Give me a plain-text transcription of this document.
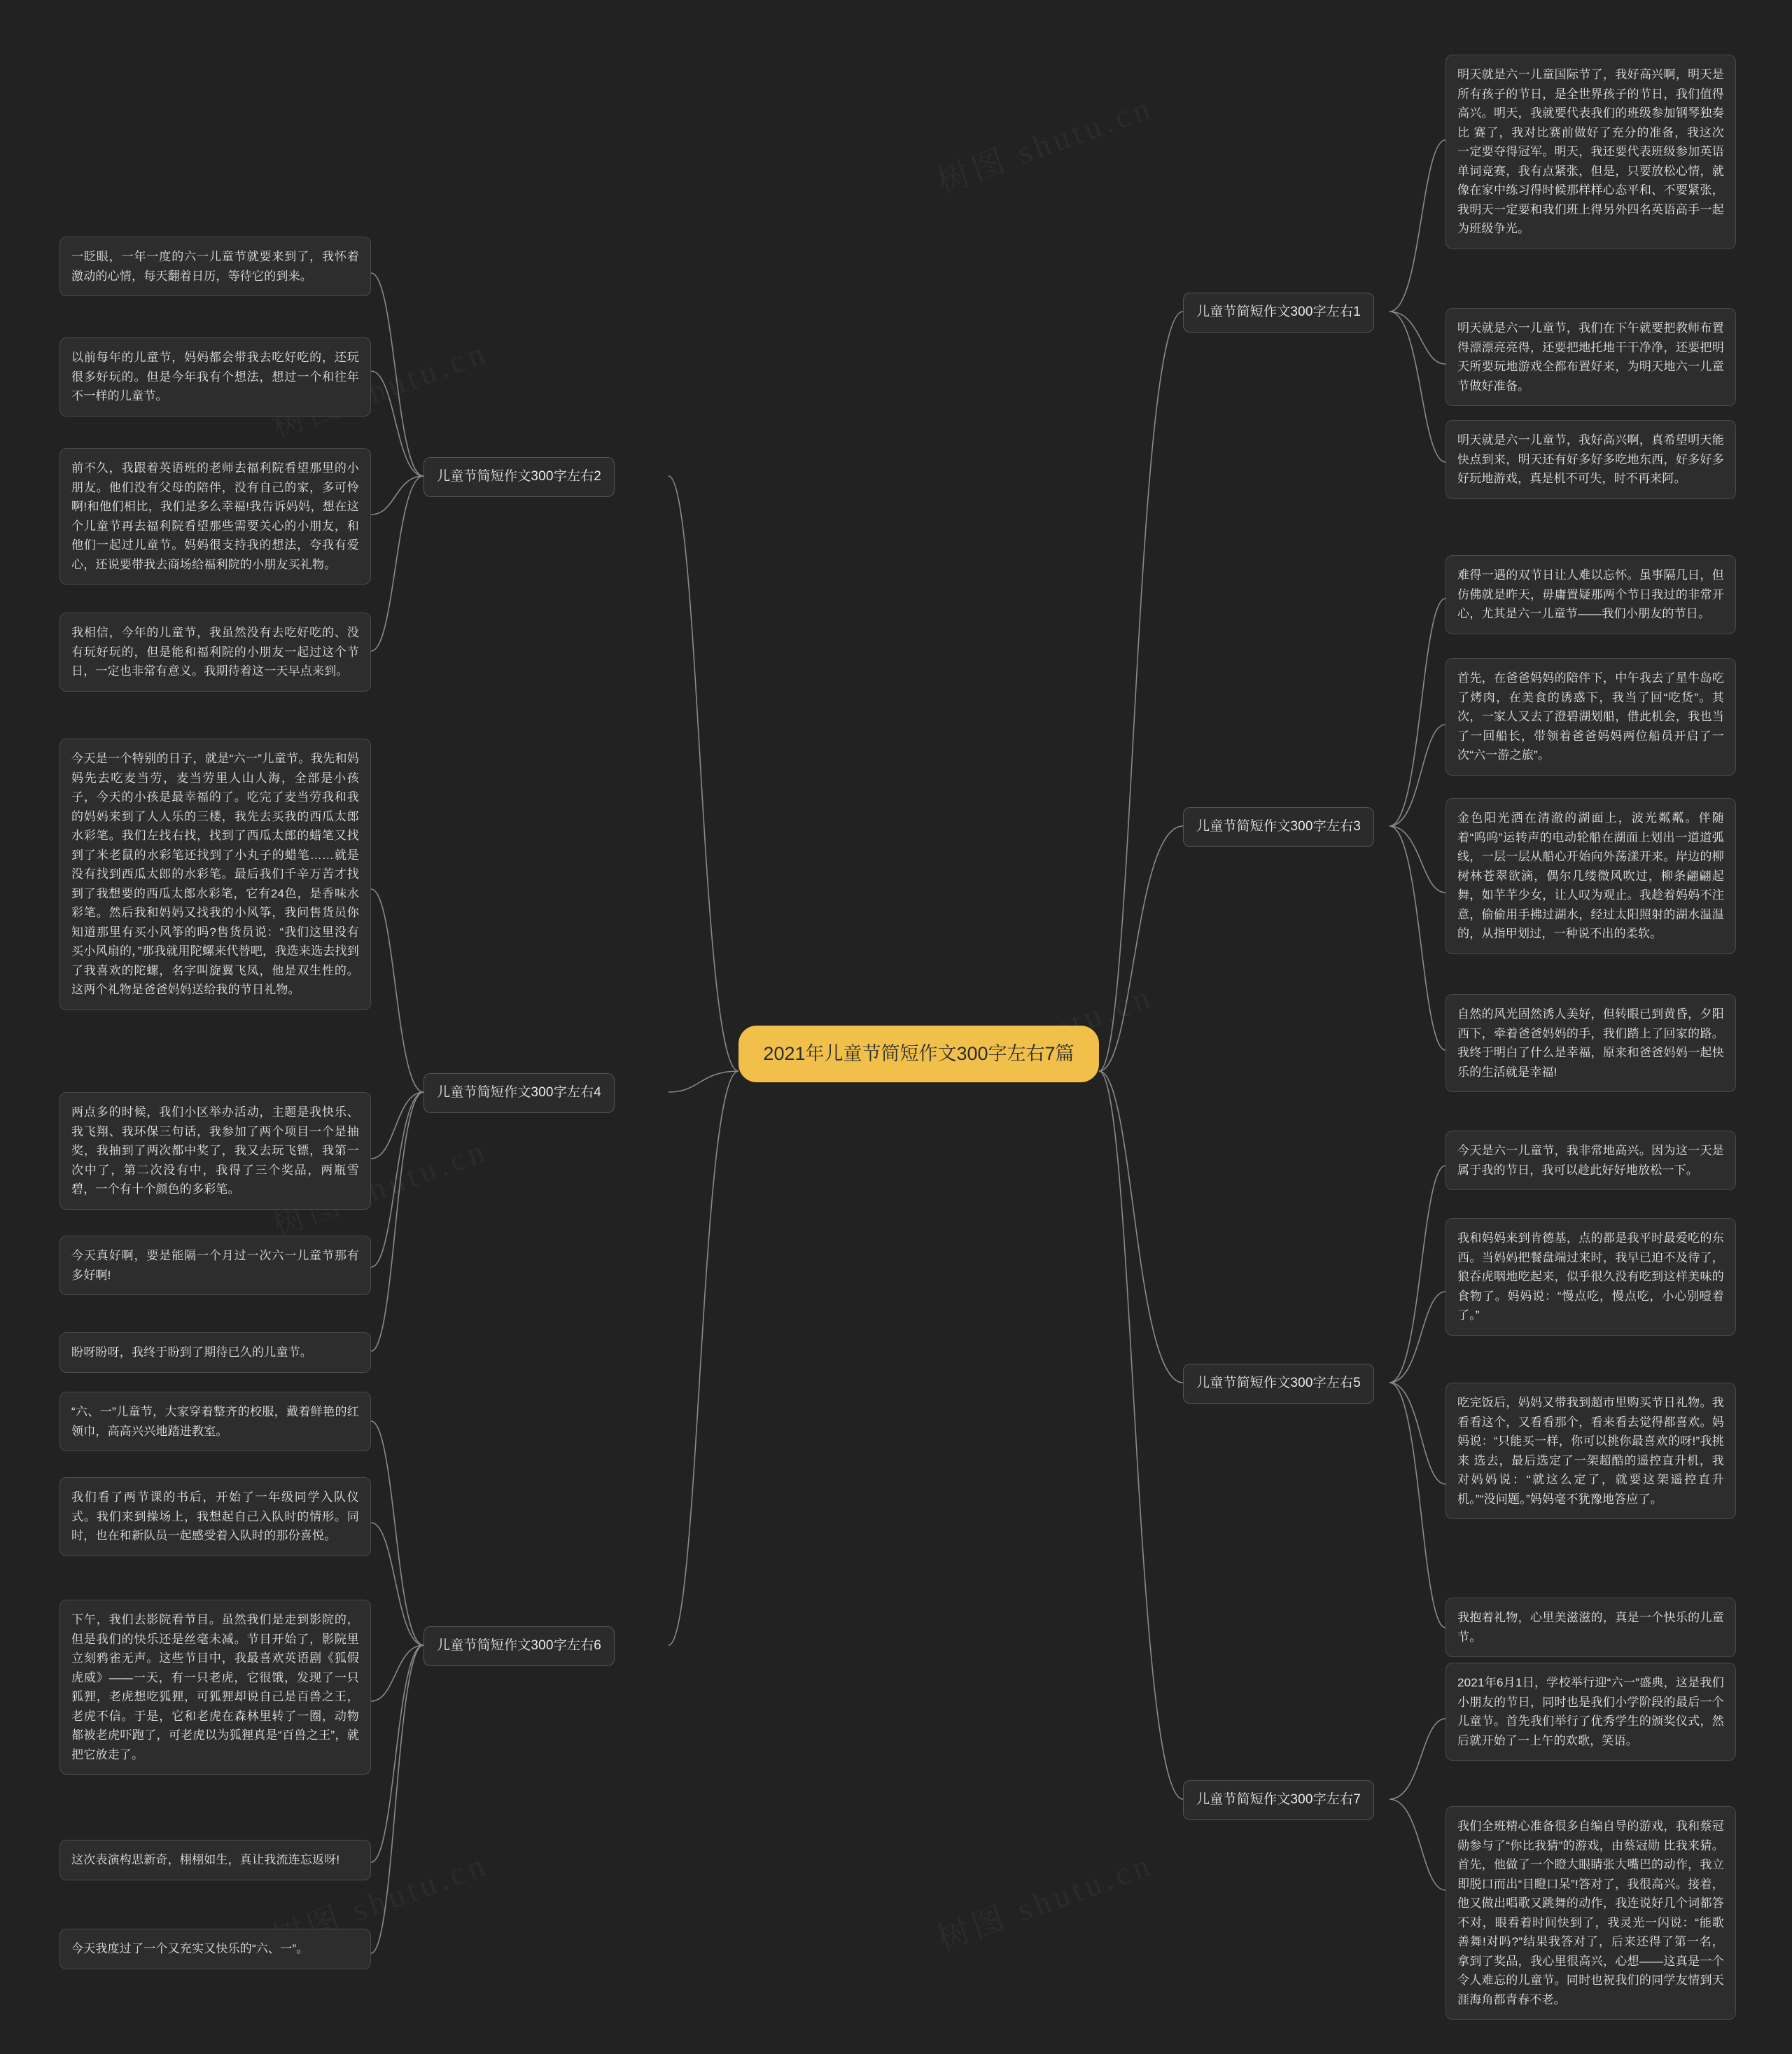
2021年儿童节简短作文300字左右7篇
儿童节简短作文300字左右1
儿童节简短作文300字左右2
儿童节简短作文300字左右3
儿童节简短作文300字左右4
儿童节简短作文300字左右5
儿童节简短作文300字左右6
儿童节简短作文300字左右7
一眨眼，一年一度的六一儿童节就要来到了，我怀着激动的心情，每天翻着日历，等待它的到来。
以前每年的儿童节，妈妈都会带我去吃好吃的，还玩很多好玩的。但是今年我有个想法，想过一个和往年不一样的儿童节。
前不久，我跟着英语班的老师去福利院看望那里的小朋友。他们没有父母的陪伴，没有自己的家，多可怜啊!和他们相比，我们是多么幸福!我告诉妈妈，想在这个儿童节再去福利院看望那些需要关心的小朋友，和他们一起过儿童节。妈妈很支持我的想法，夸我有爱心，还说要带我去商场给福利院的小朋友买礼物。
我相信，今年的儿童节，我虽然没有去吃好吃的、没有玩好玩的，但是能和福利院的小朋友一起过这个节日，一定也非常有意义。我期待着这一天早点来到。
今天是一个特别的日子，就是“六一”儿童节。我先和妈妈先去吃麦当劳，麦当劳里人山人海，全部是小孩子，今天的小孩是最幸福的了。吃完了麦当劳我和我的妈妈来到了人人乐的三楼，我先去买我的西瓜太郎水彩笔。我们左找右找，找到了西瓜太郎的蜡笔又找到了米老鼠的水彩笔还找到了小丸子的蜡笔……就是没有找到西瓜太郎的水彩笔。最后我们千辛万苦才找到了我想要的西瓜太郎水彩笔，它有24色，是香味水彩笔。然后我和妈妈又找我的小风筝，我问售货员你知道那里有买小风筝的吗?售货员说：“我们这里没有买小风扇的，”那我就用陀螺来代替吧，我选来选去找到了我喜欢的陀螺，名字叫旋翼飞凤，他是双生性的。这两个礼物是爸爸妈妈送给我的节日礼物。
两点多的时候，我们小区举办活动，主题是我快乐、我飞翔、我环保三句话，我参加了两个项目一个是抽奖，我抽到了两次都中奖了，我又去玩飞镖，我第一次中了，第二次没有中，我得了三个奖品，两瓶雪碧，一个有十个颜色的多彩笔。
今天真好啊，要是能隔一个月过一次六一儿童节那有多好啊!
盼呀盼呀，我终于盼到了期待已久的儿童节。
“六、一”儿童节，大家穿着整齐的校服，戴着鲜艳的红领巾，高高兴兴地踏进教室。
我们看了两节课的书后，开始了一年级同学入队仪式。我们来到操场上，我想起自己入队时的情形。同时，也在和新队员一起感受着入队时的那份喜悦。
下午，我们去影院看节目。虽然我们是走到影院的，但是我们的快乐还是丝毫未减。节目开始了，影院里立刻鸦雀无声。这些节目中，我最喜欢英语剧《狐假虎威》——一天，有一只老虎，它很饿，发现了一只狐狸，老虎想吃狐狸，可狐狸却说自己是百兽之王，老虎不信。于是，它和老虎在森林里转了一圈，动物都被老虎吓跑了，可老虎以为狐狸真是“百兽之王”，就把它放走了。
这次表演构思新奇，栩栩如生，真让我流连忘返呀!
今天我度过了一个又充实又快乐的“六、一”。
明天就是六一儿童国际节了，我好高兴啊，明天是所有孩子的节日，是全世界孩子的节日，我们值得高兴。明天，我就要代表我们的班级参加钢琴独奏比 赛了，我对比赛前做好了充分的准备，我这次一定要夺得冠军。明天，我还要代表班级参加英语单词竞赛，我有点紧张，但是，只要放松心情，就像在家中练习得时候那样样心态平和、不要紧张，我明天一定要和我们班上得另外四名英语高手一起为班级争光。
明天就是六一儿童节，我们在下午就要把教师布置得漂漂亮亮得，还要把地托地干干净净，还要把明天所要玩地游戏全都布置好来，为明天地六一儿童节做好准备。
明天就是六一儿童节，我好高兴啊，真希望明天能快点到来，明天还有好多好多吃地东西，好多好多好玩地游戏，真是机不可失，时不再来阿。
难得一遇的双节日让人难以忘怀。虽事隔几日，但仿佛就是昨天，毋庸置疑那两个节日我过的非常开心，尤其是六一儿童节——我们小朋友的节日。
首先，在爸爸妈妈的陪伴下，中午我去了星牛岛吃了烤肉，在美食的诱惑下，我当了回“吃货”。其次，一家人又去了澄碧湖划船，借此机会，我也当了一回船长，带领着爸爸妈妈两位船员开启了一次“六一游之旅”。
金色阳光洒在清澈的湖面上，波光粼粼。伴随着“呜呜”运转声的电动轮船在湖面上划出一道道弧线，一层一层从船心开始向外荡漾开来。岸边的柳树林苍翠欲滴，偶尔几缕微风吹过，柳条翩翩起舞，如芊芊少女，让人叹为观止。我趁着妈妈不注意，偷偷用手拂过湖水，经过太阳照射的湖水温温的，从指甲划过，一种说不出的柔软。
自然的风光固然诱人美好，但转眼已到黄昏，夕阳西下，牵着爸爸妈妈的手，我们踏上了回家的路。我终于明白了什么是幸福，原来和爸爸妈妈一起快乐的生活就是幸福!
今天是六一儿童节，我非常地高兴。因为这一天是属于我的节日，我可以趁此好好地放松一下。
我和妈妈来到肯德基，点的都是我平时最爱吃的东西。当妈妈把餐盘端过来时，我早已迫不及待了，狼吞虎咽地吃起来，似乎很久没有吃到这样美味的食物了。妈妈说：“慢点吃，慢点吃，小心别噎着了。”
吃完饭后，妈妈又带我到超市里购买节日礼物。我看看这个，又看看那个，看来看去觉得都喜欢。妈妈说：“只能买一样，你可以挑你最喜欢的呀!”我挑来 选去，最后选定了一架超酷的遥控直升机，我对妈妈说：“就这么定了，就要这架遥控直升机。”“没问题。”妈妈毫不犹豫地答应了。
我抱着礼物，心里美滋滋的，真是一个快乐的儿童节。
2021年6月1日，学校举行迎“六一”盛典，这是我们小朋友的节日，同时也是我们小学阶段的最后一个儿童节。首先我们举行了优秀学生的颁奖仪式，然后就开始了一上午的欢歌，笑语。
我们全班精心准备很多自编自导的游戏，我和蔡冠勋参与了“你比我猜”的游戏，由蔡冠勋 比我来猜。首先，他做了一个瞪大眼睛张大嘴巴的动作，我立即脱口而出“目瞪口呆”!答对了，我很高兴。接着，他又做出唱歌又跳舞的动作，我连说好几个词都答不对，眼看着时间快到了，我灵光一闪说：“能歌善舞!对吗?”结果我答对了，后来还得了第一名，拿到了奖品，我心里很高兴，心想——这真是一个令人难忘的儿童节。同时也祝我们的同学友情到天涯海角都青春不老。
